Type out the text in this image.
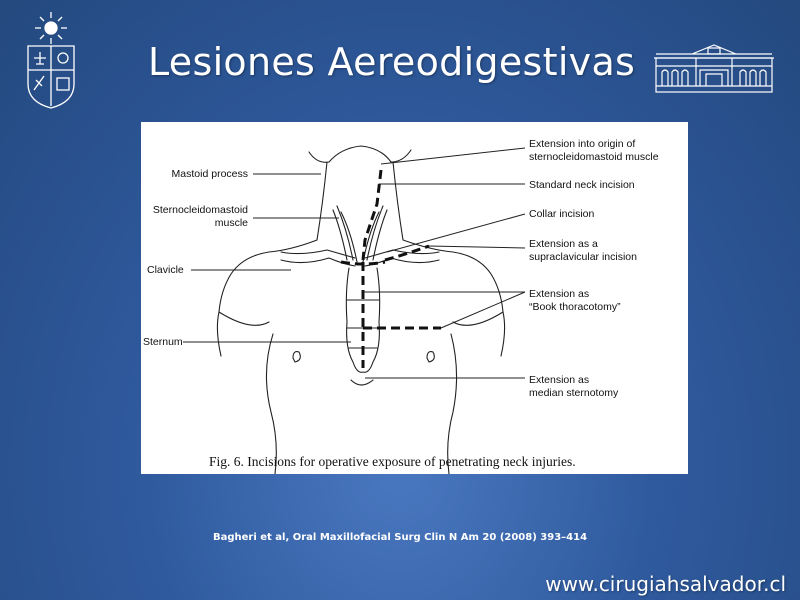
Lesiones Aereodigestivas
Mastoid process
Sternocleidomastoid
muscle
Clavicle
Sternum
Extension into origin of
sternocleidomastoid muscle
Standard neck incision
Collar incision
Extension as a
supraclavicular incision
Extension as
“Book thoracotomy”
Extension as
median sternotomy
Fig. 6. Incisions for operative exposure of penetrating neck injuries.
Bagheri et al, Oral Maxillofacial Surg Clin N Am 20 (2008) 393–414
www.cirugiahsalvador.cl
